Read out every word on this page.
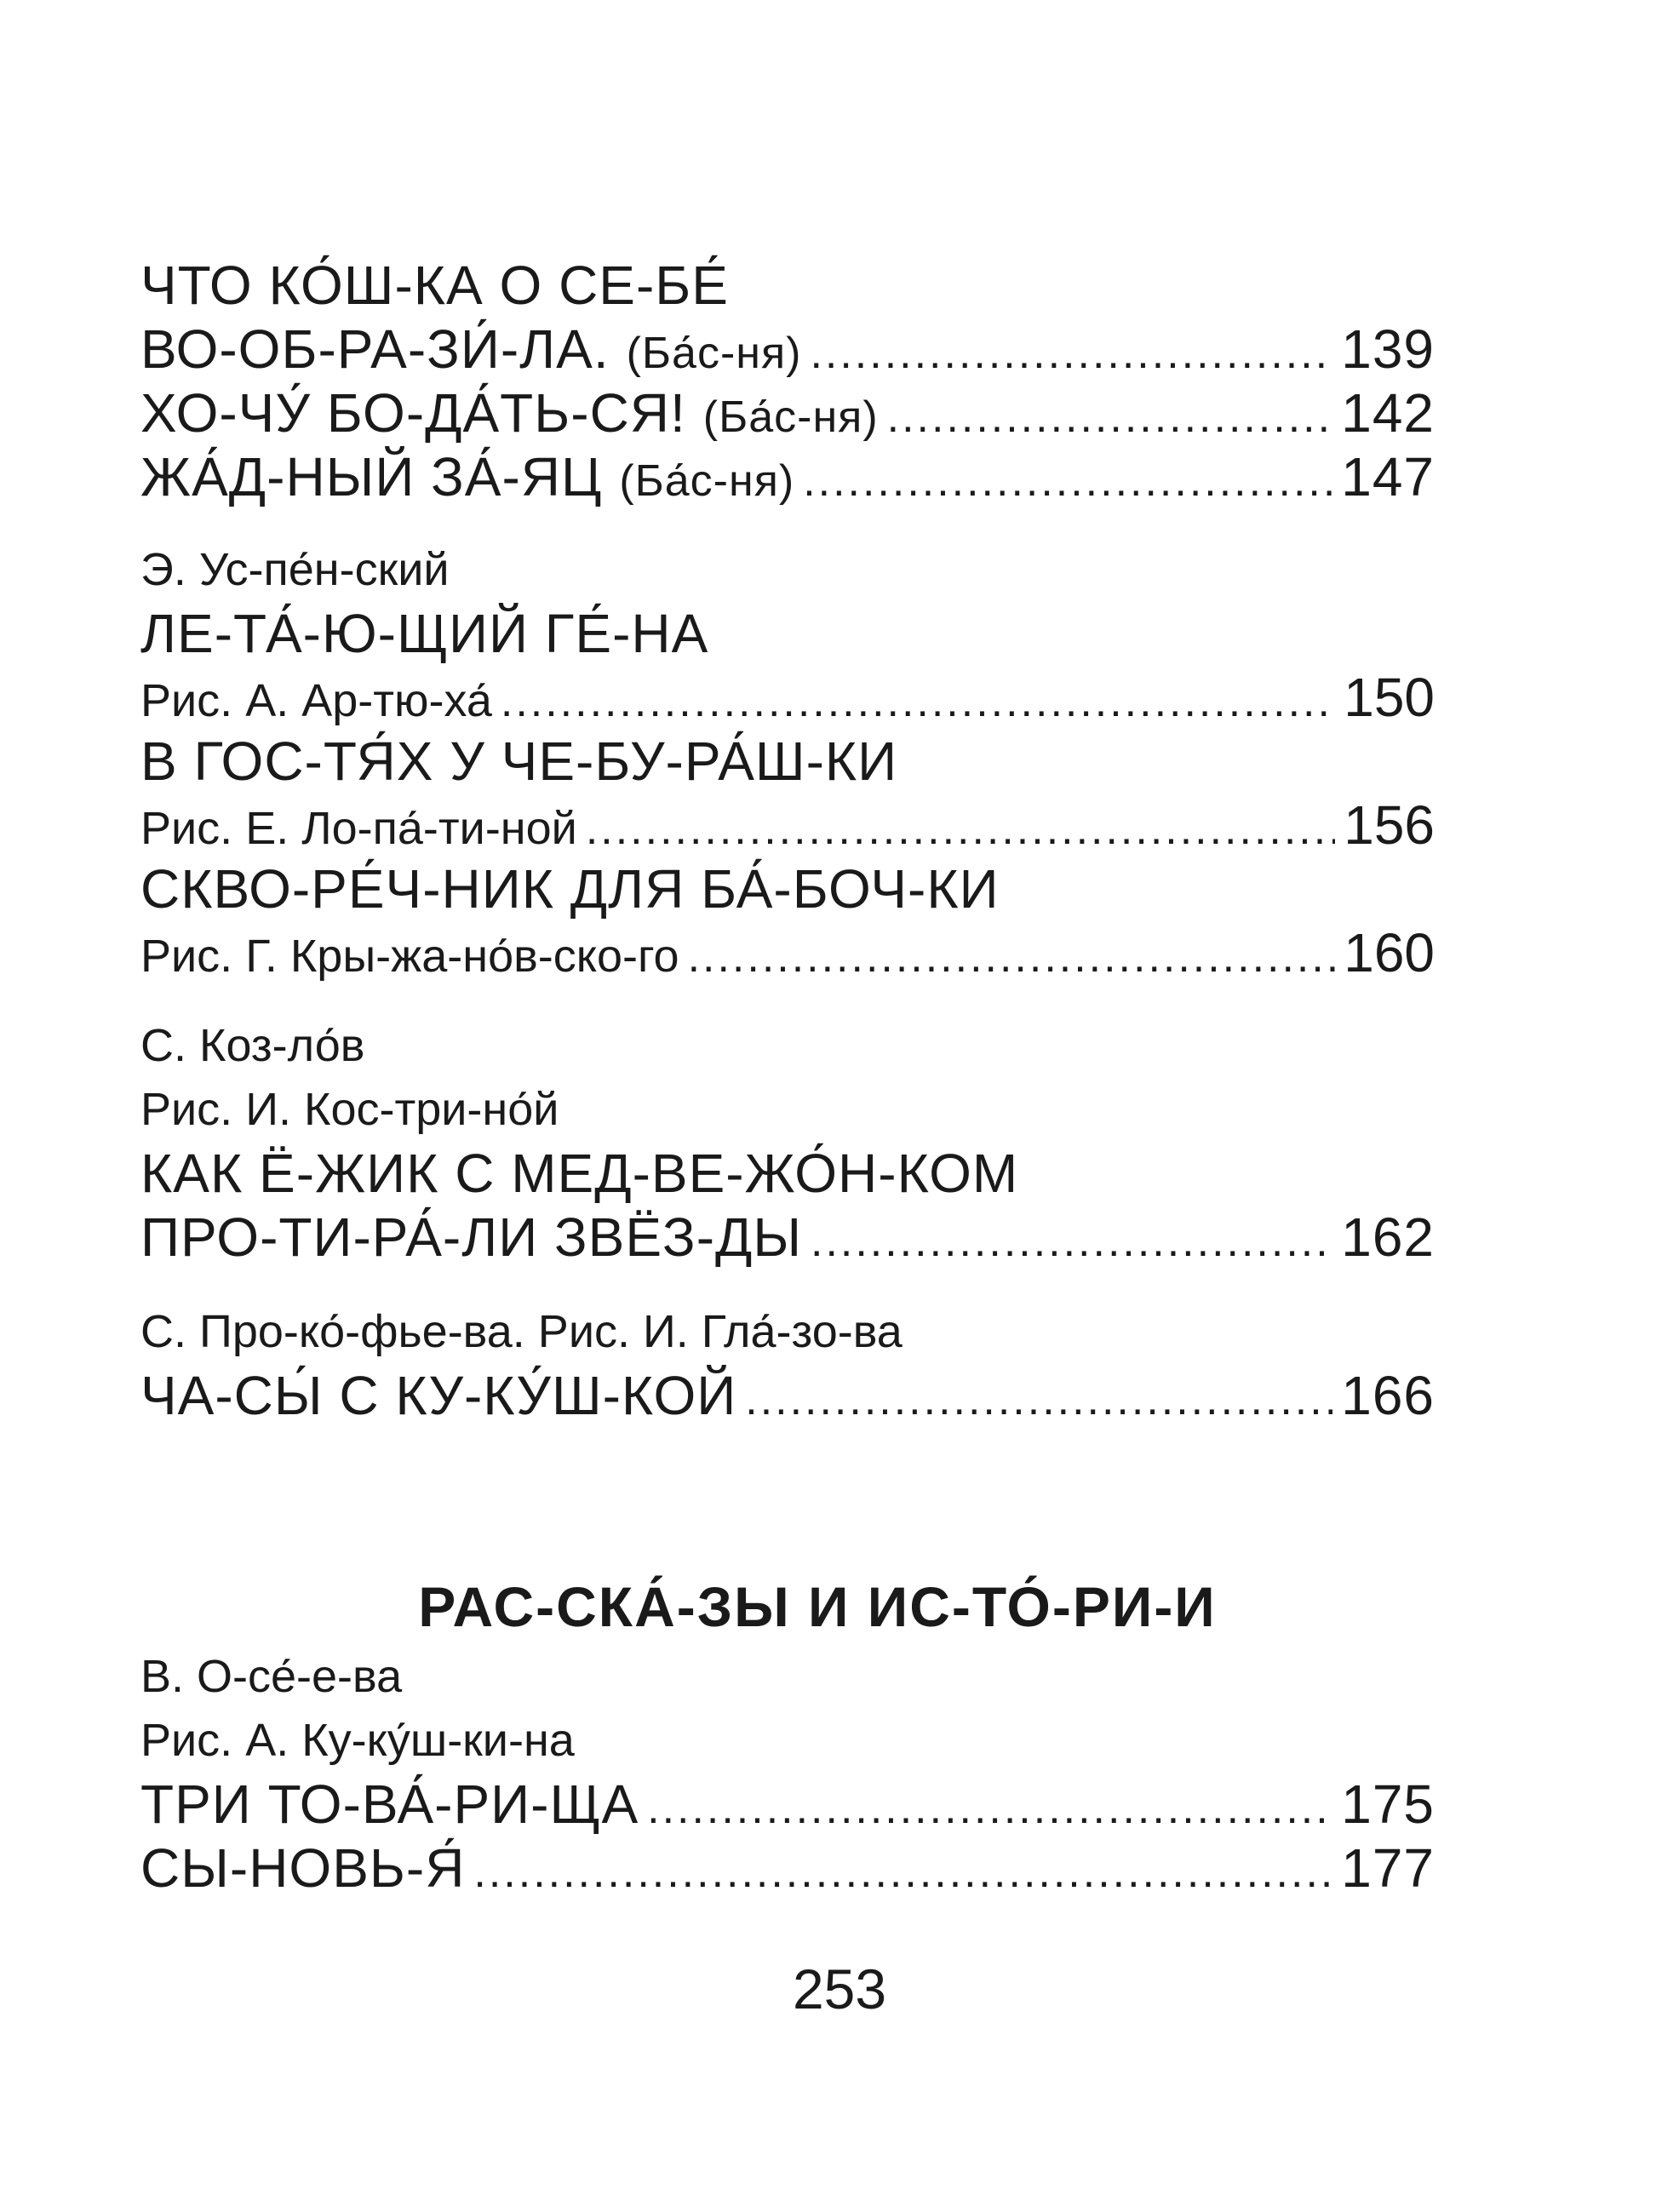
ЧТО КО́Ш-КА О СЕ-БЕ́
ВО-ОБ-РА-ЗИ́-ЛА. (Ба́с-ня) .....	139
ХО-ЧУ́ БО-ДА́ТЬ-СЯ! (Ба́с-ня) .....	142
ЖА́Д-НЫЙ ЗА́-ЯЦ (Ба́с-ня) .....	147
Э. Ус-пе́н-ский
ЛЕ-ТА́-Ю-ЩИЙ ГЕ́-НА
Рис. А. Ар-тю-ха́ .....	150
В ГОС-ТЯ́Х У ЧЕ-БУ-РА́Ш-КИ
Рис. Е. Ло-па́-ти-ной .....	156
СКВО-РЕ́Ч-НИК ДЛЯ БА́-БОЧ-КИ
Рис. Г. Кры-жа-но́в-ско-го .....	160
С. Коз-ло́в
Рис. И. Кос-три-но́й
КАК Ё-ЖИК С МЕД-ВЕ-ЖО́Н-КОМ
ПРО-ТИ-РА́-ЛИ ЗВЁЗ-ДЫ .....	162
С. Про-ко́-фье-ва. Рис. И. Гла́-зо-ва
ЧА-СЫ́ С КУ-КУ́Ш-КОЙ .....	166
РАС-СКА́-ЗЫ И ИС-ТО́-РИ-И
В. О-се́-е-ва
Рис. А. Ку-ку́ш-ки-на
ТРИ ТО-ВА́-РИ-ЩА .....	175
СЫ-НОВЬ-Я́ .....	177
253
